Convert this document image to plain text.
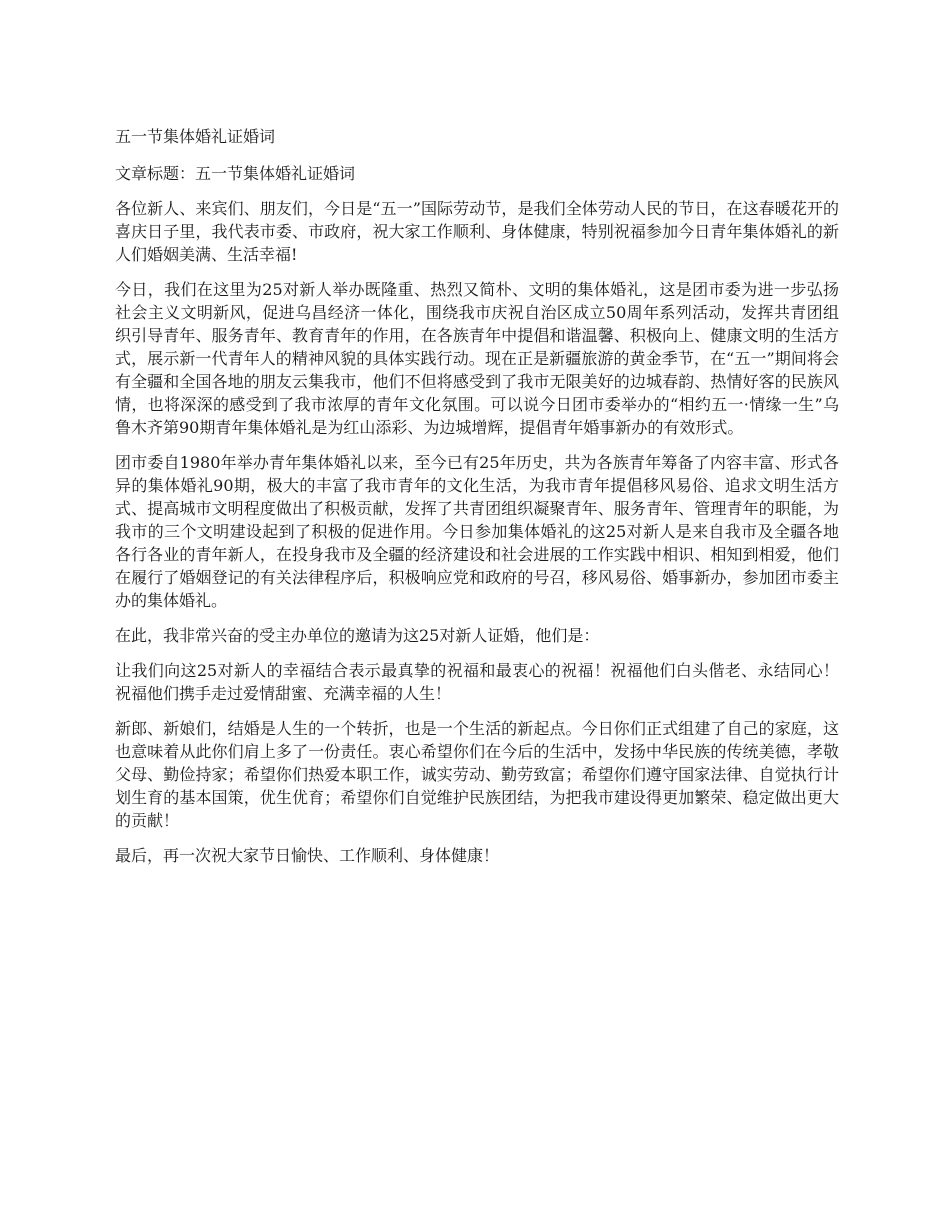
五一节集体婚礼证婚词

文章标题：五一节集体婚礼证婚词

各位新人、来宾们、朋友们，今日是“五一”国际劳动节，是我们全体劳动人民的节日，在这春暖花开的喜庆日子里，我代表市委、市政府，祝大家工作顺利、身体健康，特别祝福参加今日青年集体婚礼的新人们婚姻美满、生活幸福!

今日，我们在这里为25对新人举办既隆重、热烈又简朴、文明的集体婚礼，这是团市委为进一步弘扬社会主义文明新风，促进乌昌经济一体化，围绕我市庆祝自治区成立50周年系列活动，发挥共青团组织引导青年、服务青年、教育青年的作用，在各族青年中提倡和谐温馨、积极向上、健康文明的生活方式，展示新一代青年人的精神风貌的具体实践行动。现在正是新疆旅游的黄金季节，在“五一”期间将会有全疆和全国各地的朋友云集我市，他们不但将感受到了我市无限美好的边城春韵、热情好客的民族风情，也将深深的感受到了我市浓厚的青年文化氛围。可以说今日团市委举办的“相约五一·情缘一生”乌鲁木齐第90期青年集体婚礼是为红山添彩、为边城增辉，提倡青年婚事新办的有效形式。

团市委自1980年举办青年集体婚礼以来，至今已有25年历史，共为各族青年筹备了内容丰富、形式各异的集体婚礼90期，极大的丰富了我市青年的文化生活，为我市青年提倡移风易俗、追求文明生活方式、提高城市文明程度做出了积极贡献，发挥了共青团组织凝聚青年、服务青年、管理青年的职能，为我市的三个文明建设起到了积极的促进作用。今日参加集体婚礼的这25对新人是来自我市及全疆各地各行各业的青年新人，在投身我市及全疆的经济建设和社会进展的工作实践中相识、相知到相爱，他们在履行了婚姻登记的有关法律程序后，积极响应党和政府的号召，移风易俗、婚事新办，参加团市委主办的集体婚礼。

在此，我非常兴奋的受主办单位的邀请为这25对新人证婚，他们是：

让我们向这25对新人的幸福结合表示最真挚的祝福和最衷心的祝福！祝福他们白头偕老、永结同心！祝福他们携手走过爱情甜蜜、充满幸福的人生！

新郎、新娘们，结婚是人生的一个转折，也是一个生活的新起点。今日你们正式组建了自己的家庭，这也意味着从此你们肩上多了一份责任。衷心希望你们在今后的生活中，发扬中华民族的传统美德，孝敬父母、勤俭持家；希望你们热爱本职工作，诚实劳动、勤劳致富；希望你们遵守国家法律、自觉执行计划生育的基本国策，优生优育；希望你们自觉维护民族团结，为把我市建设得更加繁荣、稳定做出更大的贡献！

最后，再一次祝大家节日愉快、工作顺利、身体健康！
